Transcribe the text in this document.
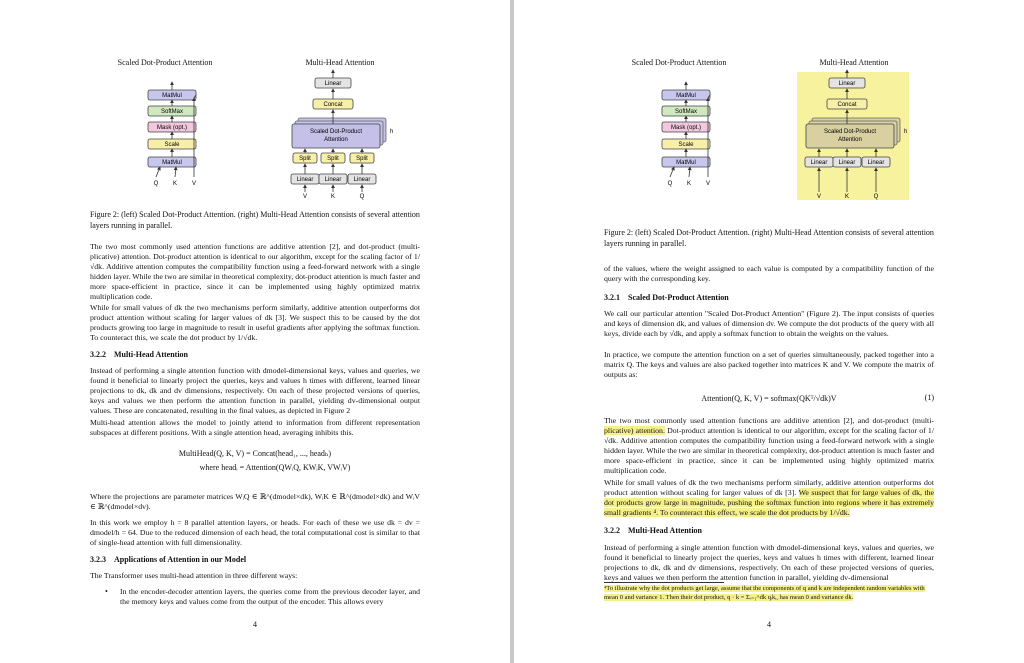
Scaled Dot-Product Attention	Multi-Head Attention
MatMul
SoftMax
Mask (opt.)
Scale
MatMul
Q K V
Linear
Concat
Scaled Dot-Product
Attention
h
Split	Split	Split
Linear Linear Linear
V	K	Q
Figure 2: (left) Scaled Dot-Product Attention. (right) Multi-Head Attention consists of several attention layers running in parallel.
The two most commonly used attention functions are additive attention [2], and dot-product (multi-plicative) attention. Dot-product attention is identical to our algorithm, except for the scaling factor of 1/√dk. Additive attention computes the compatibility function using a feed-forward network with a single hidden layer. While the two are similar in theoretical complexity, dot-product attention is much faster and more space-efficient in practice, since it can be implemented using highly optimized matrix multiplication code.
While for small values of dk the two mechanisms perform similarly, additive attention outperforms dot product attention without scaling for larger values of dk [3]. We suspect this to be caused by the dot products growing too large in magnitude to result in useful gradients after applying the softmax function. To counteract this, we scale the dot product by 1/√dk.
3.2.2 Multi-Head Attention
Instead of performing a single attention function with dmodel-dimensional keys, values and queries, we found it beneficial to linearly project the queries, keys and values h times with different, learned linear projections to dk, dk and dv dimensions, respectively. On each of these projected versions of queries, keys and values we then perform the attention function in parallel, yielding dv-dimensional output values. These are concatenated, resulting in the final values, as depicted in Figure 2
Multi-head attention allows the model to jointly attend to information from different representation subspaces at different positions. With a single attention head, averaging inhibits this.
MultiHead(Q, K, V) = Concat(head₁, ..., headₕ)
where headᵢ = Attention(QWᵢQ, KWᵢK, VWᵢV)
Where the projections are parameter matrices WᵢQ ∈ ℝ^(dmodel×dk), WᵢK ∈ ℝ^(dmodel×dk) and WᵢV ∈ ℝ^(dmodel×dv).
In this work we employ h = 8 parallel attention layers, or heads. For each of these we use dk = dv = dmodel/h = 64. Due to the reduced dimension of each head, the total computational cost is similar to that of single-head attention with full dimensionality.
3.2.3 Applications of Attention in our Model
The Transformer uses multi-head attention in three different ways:
• In the encoder-decoder attention layers, the queries come from the previous decoder layer, and the memory keys and values come from the output of the encoder. This allows every
4
Scaled Dot-Product Attention	Multi-Head Attention
MatMul
SoftMax
Mask (opt.)
Scale
MatMul
Q K V
Linear
Concat
Scaled Dot-Product
Attention
h
Linear Linear Linear
V	K	Q
Figure 2: (left) Scaled Dot-Product Attention. (right) Multi-Head Attention consists of several attention layers running in parallel.
of the values, where the weight assigned to each value is computed by a compatibility function of the query with the corresponding key.
3.2.1 Scaled Dot-Product Attention
We call our particular attention "Scaled Dot-Product Attention" (Figure 2). The input consists of queries and keys of dimension dk, and values of dimension dv. We compute the dot products of the query with all keys, divide each by √dk, and apply a softmax function to obtain the weights on the values.
In practice, we compute the attention function on a set of queries simultaneously, packed together into a matrix Q. The keys and values are also packed together into matrices K and V. We compute the matrix of outputs as:
Attention(Q, K, V) = softmax(QKᵀ/√dk)V	(1)
The two most commonly used attention functions are additive attention [2], and dot-product (multi-plicative) attention. Dot-product attention is identical to our algorithm, except for the scaling factor of 1/√dk. Additive attention computes the compatibility function using a feed-forward network with a single hidden layer. While the two are similar in theoretical complexity, dot-product attention is much faster and more space-efficient in practice, since it can be implemented using highly optimized matrix multiplication code.
While for small values of dk the two mechanisms perform similarly, additive attention outperforms dot product attention without scaling for larger values of dk [3]. We suspect that for large values of dk, the dot products grow large in magnitude, pushing the softmax function into regions where it has extremely small gradients ⁴. To counteract this effect, we scale the dot products by 1/√dk.
3.2.2 Multi-Head Attention
Instead of performing a single attention function with dmodel-dimensional keys, values and queries, we found it beneficial to linearly project the queries, keys and values h times with different, learned linear projections to dk, dk and dv dimensions, respectively. On each of these projected versions of queries, keys and values we then perform the attention function in parallel, yielding dv-dimensional
⁴To illustrate why the dot products get large, assume that the components of q and k are independent random variables with mean 0 and variance 1. Then their dot product, q · k = Σᵢ₌₁^dk qᵢkᵢ, has mean 0 and variance dk.
4
